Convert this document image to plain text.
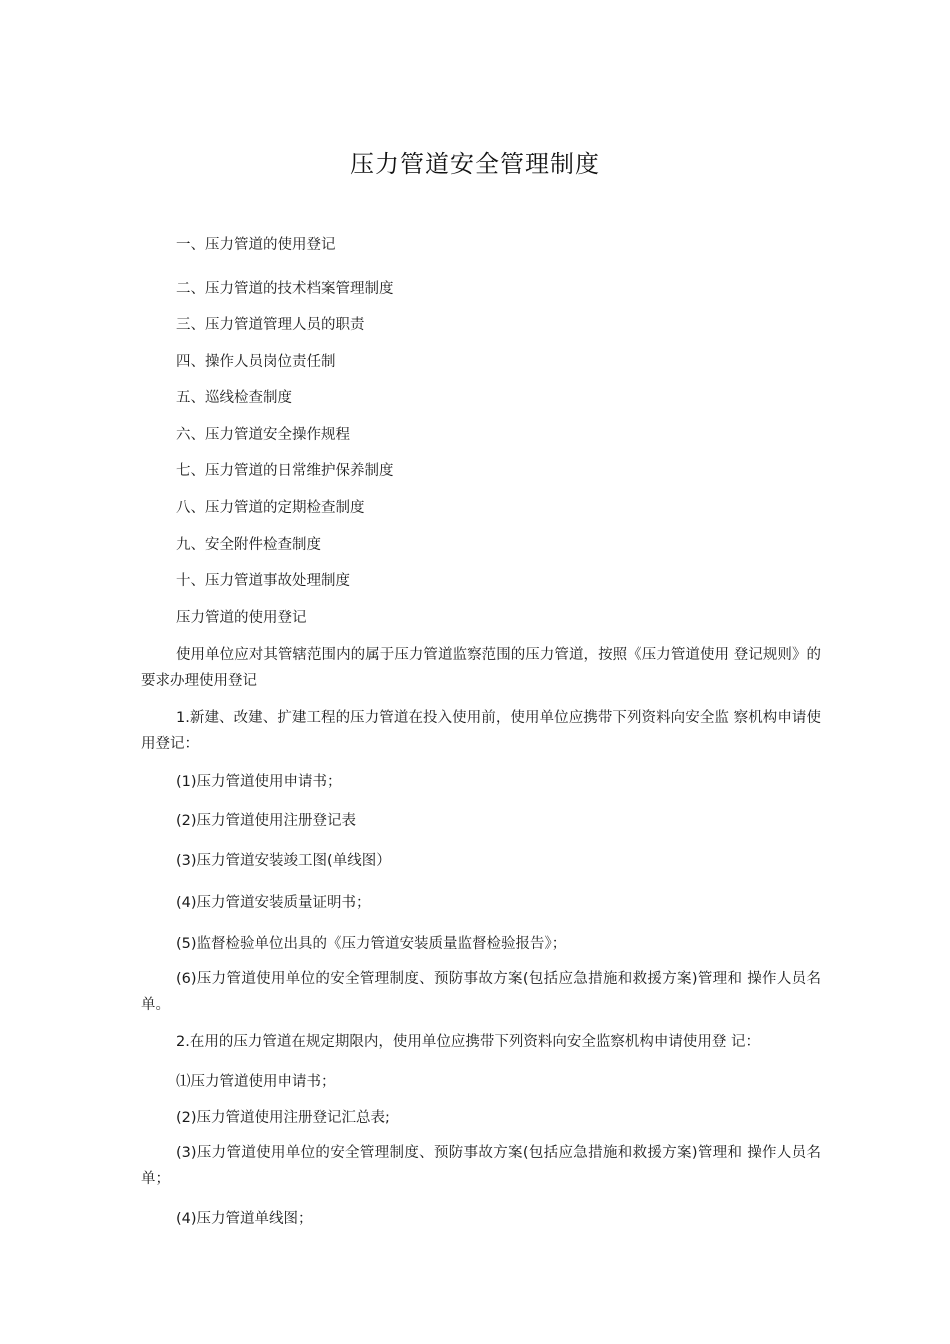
压力管道安全管理制度
一、压力管道的使用登记
二、压力管道的技术档案管理制度
三、压力管道管理人员的职责
四、操作人员岗位责任制
五、巡线检查制度
六、压力管道安全操作规程
七、压力管道的日常维护保养制度
八、压力管道的定期检查制度
九、安全附件检查制度
十、压力管道事故处理制度
压力管道的使用登记
使用单位应对其管辖范围内的属于压力管道监察范围的压力管道，按照《压力管道使用 登记规则》的要求办理使用登记
1.新建、改建、扩建工程的压力管道在投入使用前，使用单位应携带下列资料向安全监 察机构申请使用登记：
(1)压力管道使用申请书；
(2)压力管道使用注册登记表
(3)压力管道安装竣工图(单线图）
(4)压力管道安装质量证明书；
(5)监督检验单位出具的《压力管道安装质量监督检验报告》；
(6)压力管道使用单位的安全管理制度、预防事故方案(包括应急措施和救援方案)管理和 操作人员名单。
2.在用的压力管道在规定期限内，使用单位应携带下列资料向安全监察机构申请使用登 记：
⑴压力管道使用申请书；
(2)压力管道使用注册登记汇总表;
(3)压力管道使用单位的安全管理制度、预防事故方案(包括应急措施和救援方案)管理和 操作人员名单；
(4)压力管道单线图；
